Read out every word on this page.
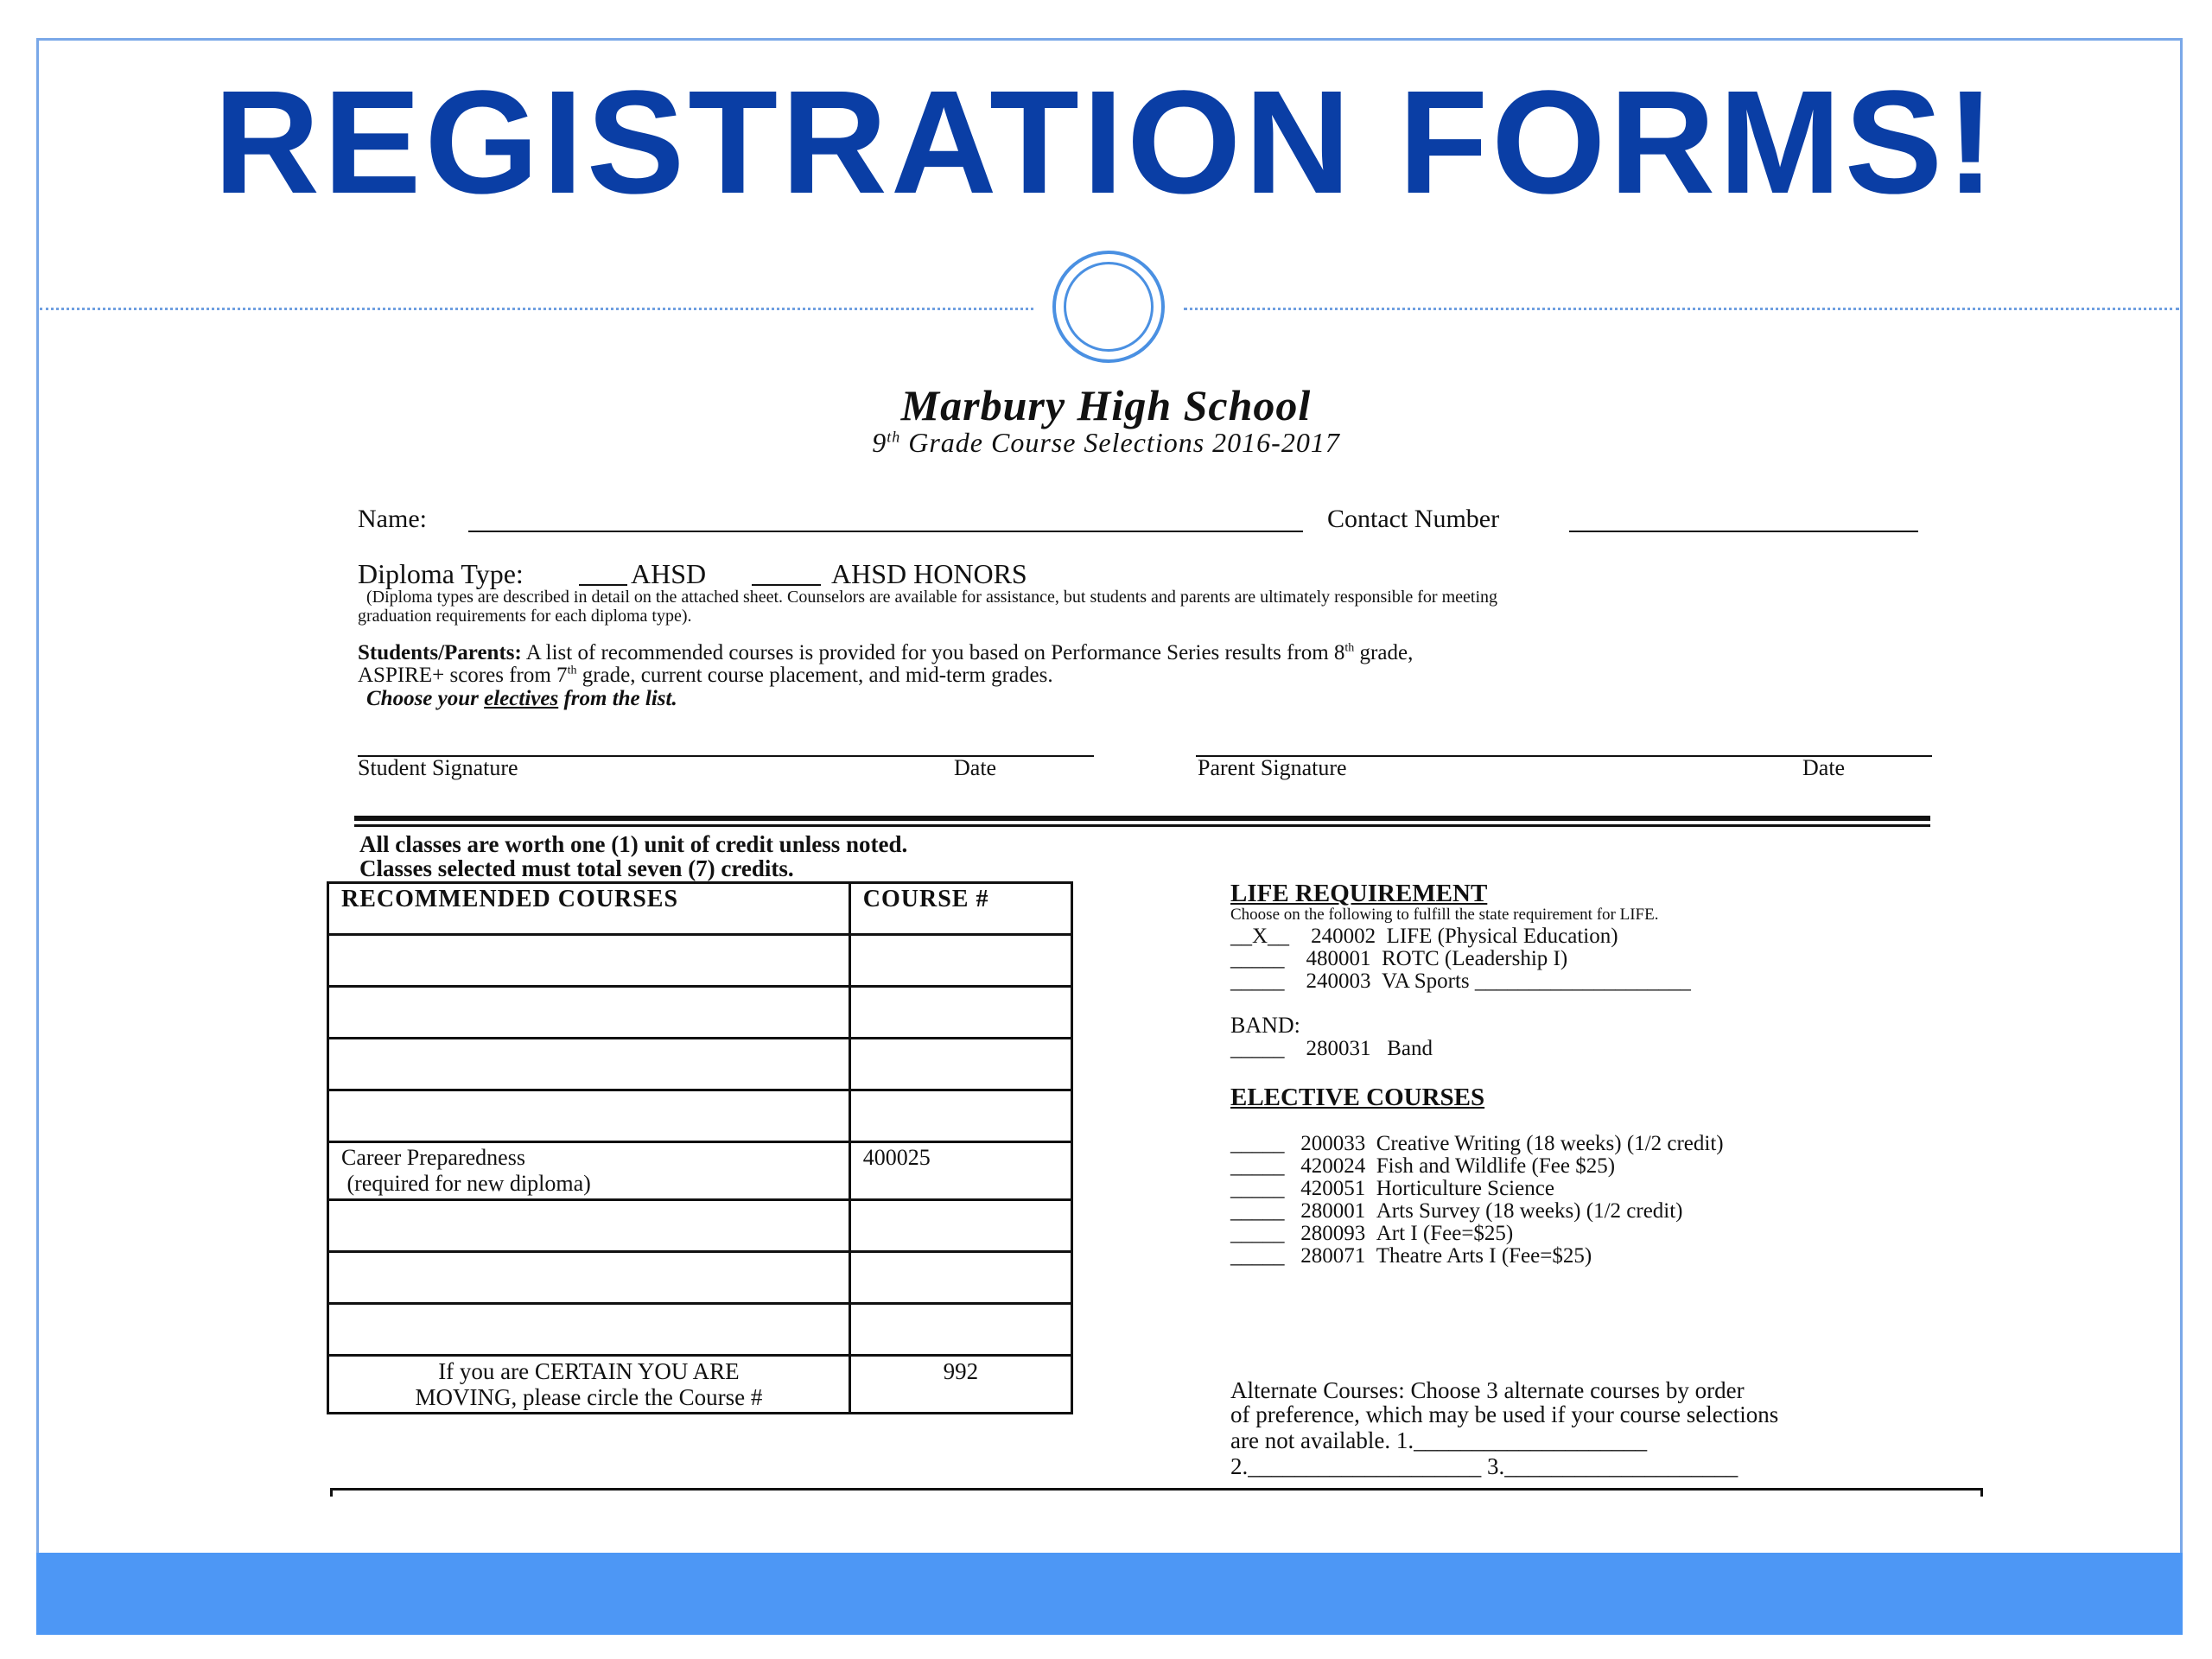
REGISTRATION FORMS!
Marbury High School
9th Grade Course Selections 2016-2017
Name:	Contact Number
Diploma Type:	AHSD	AHSD HONORS
(Diploma types are described in detail on the attached sheet. Counselors are available for assistance, but students and parents are ultimately responsible for meeting
graduation requirements for each diploma type).
Students/Parents: A list of recommended courses is provided for you based on Performance Series results from 8th grade,
ASPIRE+ scores from 7th grade, current course placement, and mid-term grades.
Choose your electives from the list.
Student Signature	Date	Parent Signature	Date
All classes are worth one (1) unit of credit unless noted.
Classes selected must total seven (7) credits.
RECOMMENDED COURSES	COURSE #

Career Preparedness
(required for new diploma)	400025

If you are CERTAIN YOU ARE
MOVING, please circle the Course #	992
LIFE REQUIREMENT
Choose on the following to fulfill the state requirement for LIFE.
__X__ 240002 LIFE (Physical Education)
_____ 480001 ROTC (Leadership I)
_____ 240003 VA Sports ____________________
BAND:
_____ 280031 Band
ELECTIVE COURSES
_____ 200033 Creative Writing (18 weeks) (1/2 credit)
_____ 420024 Fish and Wildlife (Fee $25)
_____ 420051 Horticulture Science
_____ 280001 Arts Survey (18 weeks) (1/2 credit)
_____ 280093 Art I (Fee=$25)
_____ 280071 Theatre Arts I (Fee=$25)
Alternate Courses: Choose 3 alternate courses by order
of preference, which may be used if your course selections
are not available. 1.____________________
2.____________________ 3.____________________
